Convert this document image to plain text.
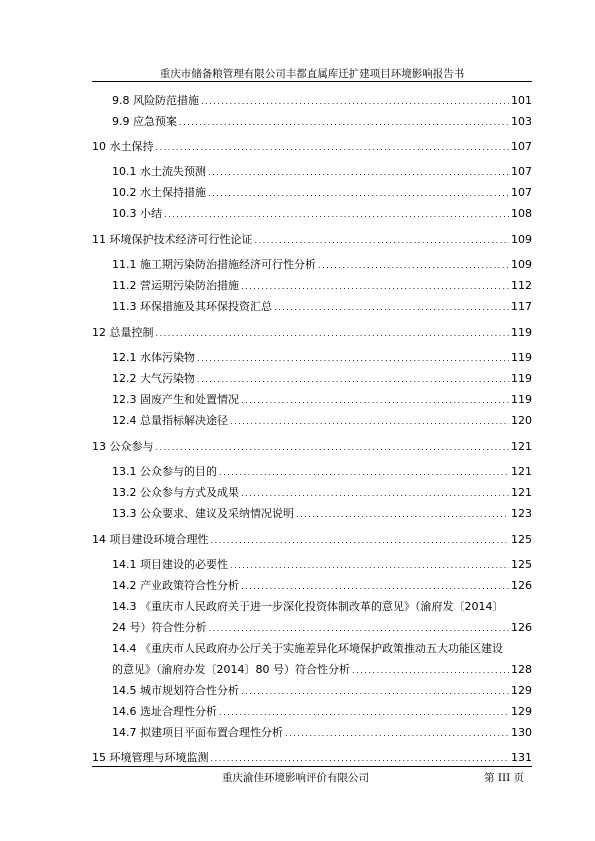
重庆市储备粮管理有限公司丰都直属库迁扩建项目环境影响报告书
9.8 风险防范措施 . . .	101
9.9 应急预案 . . .	103
10 水土保持 . . .	107
10.1 水土流失预测 . . .	107
10.2 水土保持措施 . . .	107
10.3 小结 . . .	108
11 环境保护技术经济可行性论证 . . .	109
11.1 施工期污染防治措施经济可行性分析 . . .	109
11.2 营运期污染防治措施 . . .	112
11.3 环保措施及其环保投资汇总 . . .	117
12 总量控制 . . .	119
12.1 水体污染物 . . .	119
12.2 大气污染物 . . .	119
12.3 固废产生和处置情况 . . .	119
12.4 总量指标解决途径 . . .	120
13 公众参与 . . .	121
13.1 公众参与的目的 . . .	121
13.2 公众参与方式及成果 . . .	121
13.3 公众要求、建议及采纳情况说明 . . .	123
14 项目建设环境合理性 . . .	125
14.1 项目建设的必要性 . . .	125
14.2 产业政策符合性分析 . . .	126
14.3 《重庆市人民政府关于进一步深化投资体制改革的意见》（渝府发〔2014〕
24 号）符合性分析 . . .	126
14.4 《重庆市人民政府办公厅关于实施差异化环境保护政策推动五大功能区建设
的意见》（渝府办发〔2014〕80 号）符合性分析 . . .	128
14.5 城市规划符合性分析 . . .	129
14.6 选址合理性分析 . . .	129
14.7 拟建项目平面布置合理性分析 . . .	130
15 环境管理与环境监测 . . .	131
重庆渝佳环境影响评价有限公司	第 III 页
